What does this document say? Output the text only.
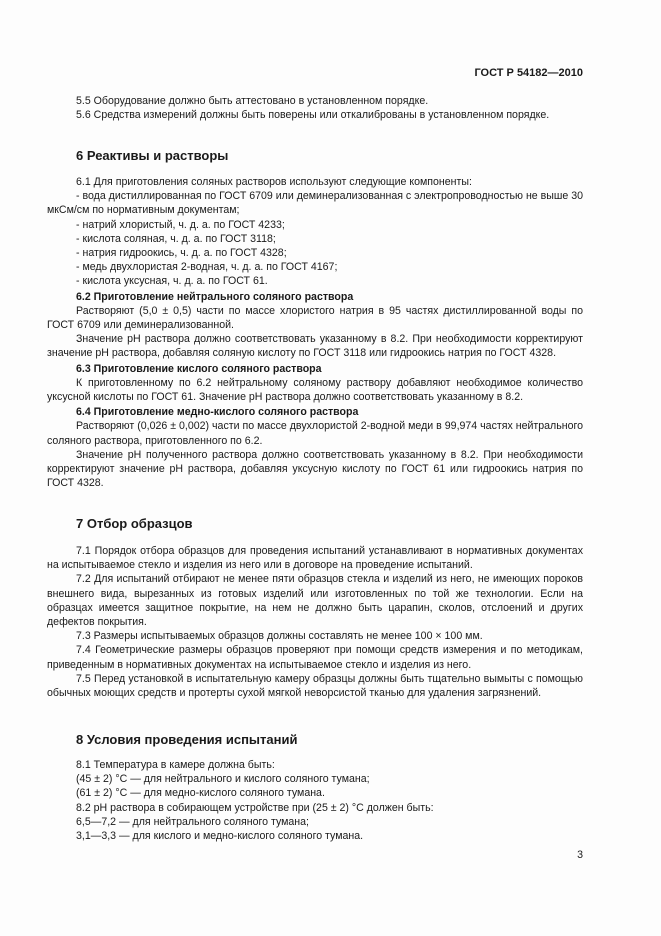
ГОСТ Р 54182—2010

5.5 Оборудование должно быть аттестовано в установленном порядке.

5.6 Средства измерений должны быть поверены или откалиброваны в установленном порядке.

6 Реактивы и растворы

6.1 Для приготовления соляных растворов используют следующие компоненты:

- вода дистиллированная по ГОСТ 6709 или деминерализованная с электропроводностью не выше 30 мкСм/см по нормативным документам;

- натрий хлористый, ч. д. а. по ГОСТ 4233;

- кислота соляная, ч. д. а. по ГОСТ 3118;

- натрия гидроокись, ч. д. а. по ГОСТ 4328;

- медь двухлористая 2-водная, ч. д. а. по ГОСТ 4167;

- кислота уксусная, ч. д. а. по ГОСТ 61.

6.2 Приготовление нейтрального соляного раствора

Растворяют (5,0 ± 0,5) части по массе хлористого натрия в 95 частях дистиллированной воды по ГОСТ 6709 или деминерализованной.

Значение рН раствора должно соответствовать указанному в 8.2. При необходимости корректируют значение рН раствора, добавляя соляную кислоту по ГОСТ 3118 или гидроокись натрия по ГОСТ 4328.

6.3 Приготовление кислого соляного раствора

К приготовленному по 6.2 нейтральному соляному раствору добавляют необходимое количество уксусной кислоты по ГОСТ 61. Значение рН раствора должно соответствовать указанному в 8.2.

6.4 Приготовление медно-кислого соляного раствора

Растворяют (0,026 ± 0,002) части по массе двухлористой 2-водной меди в 99,974 частях нейтрального соляного раствора, приготовленного по 6.2.

Значение рН полученного раствора должно соответствовать указанному в 8.2. При необходимости корректируют значение рН раствора, добавляя уксусную кислоту по ГОСТ 61 или гидроокись натрия по ГОСТ 4328.

7 Отбор образцов

7.1 Порядок отбора образцов для проведения испытаний устанавливают в нормативных документах на испытываемое стекло и изделия из него или в договоре на проведение испытаний.

7.2 Для испытаний отбирают не менее пяти образцов стекла и изделий из него, не имеющих пороков внешнего вида, вырезанных из готовых изделий или изготовленных по той же технологии. Если на образцах имеется защитное покрытие, на нем не должно быть царапин, сколов, отслоений и других дефектов покрытия.

7.3 Размеры испытываемых образцов должны составлять не менее 100 × 100 мм.

7.4 Геометрические размеры образцов проверяют при помощи средств измерения и по методикам, приведенным в нормативных документах на испытываемое стекло и изделия из него.

7.5 Перед установкой в испытательную камеру образцы должны быть тщательно вымыты с помощью обычных моющих средств и протерты сухой мягкой неворсистой тканью для удаления загрязнений.

8 Условия проведения испытаний

8.1 Температура в камере должна быть:

(45 ± 2) °С — для нейтрального и кислого соляного тумана;

(61 ± 2) °С — для медно-кислого соляного тумана.

8.2 рН раствора в собирающем устройстве при (25 ± 2) °С должен быть:

6,5—7,2 — для нейтрального соляного тумана;

3,1—3,3 — для кислого и медно-кислого соляного тумана.

3
